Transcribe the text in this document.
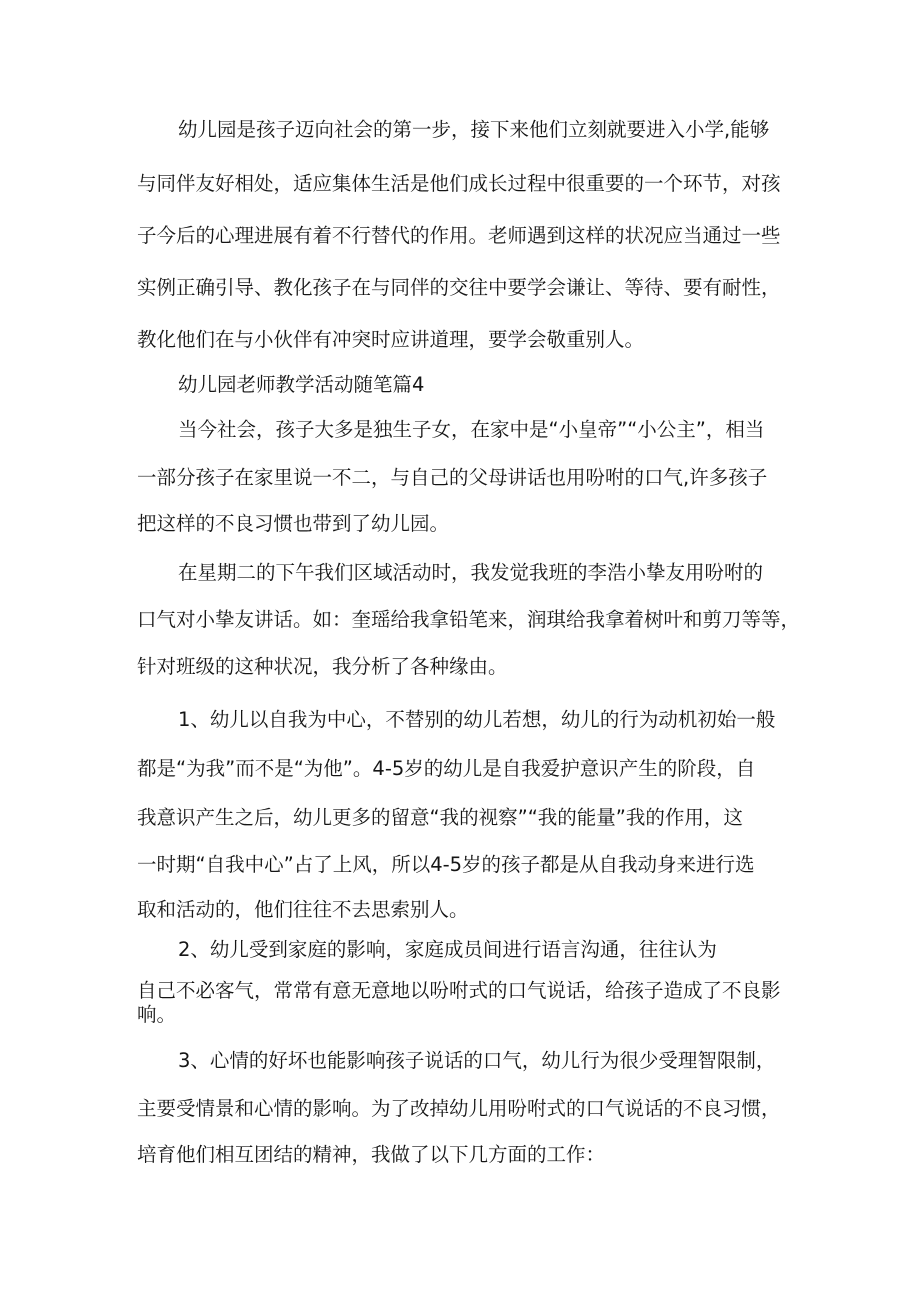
幼儿园是孩子迈向社会的第一步，接下来他们立刻就要进入小学,能够
与同伴友好相处，适应集体生活是他们成长过程中很重要的一个环节，对孩
子今后的心理进展有着不行替代的作用。老师遇到这样的状况应当通过一些
实例正确引导、教化孩子在与同伴的交往中要学会谦让、等待、要有耐性，
教化他们在与小伙伴有冲突时应讲道理，要学会敬重别人。
幼儿园老师教学活动随笔篇4
当今社会，孩子大多是独生子女，在家中是“小皇帝”“小公主”，相当
一部分孩子在家里说一不二，与自己的父母讲话也用吩咐的口气,许多孩子
把这样的不良习惯也带到了幼儿园。
在星期二的下午我们区域活动时，我发觉我班的李浩小挚友用吩咐的
口气对小挚友讲话。如：奎瑶给我拿铅笔来，润琪给我拿着树叶和剪刀等等，
针对班级的这种状况，我分析了各种缘由。
1、幼儿以自我为中心，不替别的幼儿若想，幼儿的行为动机初始一般
都是“为我”而不是“为他”。4-5岁的幼儿是自我爱护意识产生的阶段，自
我意识产生之后，幼儿更多的留意“我的视察”“我的能量”我的作用，这
一时期“自我中心”占了上风，所以4-5岁的孩子都是从自我动身来进行选
取和活动的，他们往往不去思索别人。
2、幼儿受到家庭的影响，家庭成员间进行语言沟通，往往认为
自己不必客气，常常有意无意地以吩咐式的口气说话，给孩子造成了不良影
响。
3、心情的好坏也能影响孩子说话的口气，幼儿行为很少受理智限制，
主要受情景和心情的影响。为了改掉幼儿用吩咐式的口气说话的不良习惯，
培育他们相互团结的精神，我做了以下几方面的工作：
